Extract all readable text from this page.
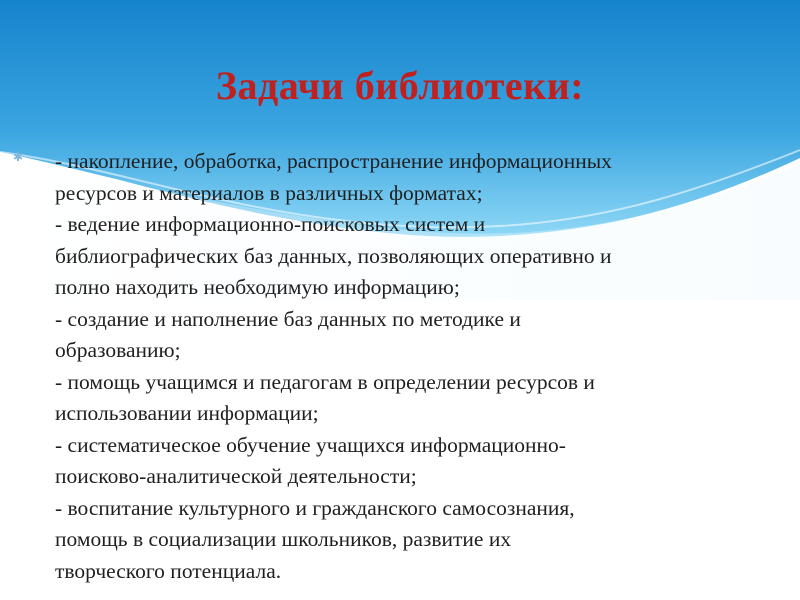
Задачи библиотеки:
✱ - накопление, обработка, распространение информационных
ресурсов и материалов в различных форматах;
- ведение информационно-поисковых систем и
библиографических баз данных, позволяющих оперативно и
полно находить необходимую информацию;
- создание и наполнение баз данных по методике и
образованию;
- помощь учащимся и педагогам в определении ресурсов и
использовании информации;
- систематическое обучение учащихся информационно-
поисково-аналитической деятельности;
- воспитание культурного и гражданского самосознания,
помощь в социализации школьников, развитие их
творческого потенциала.
